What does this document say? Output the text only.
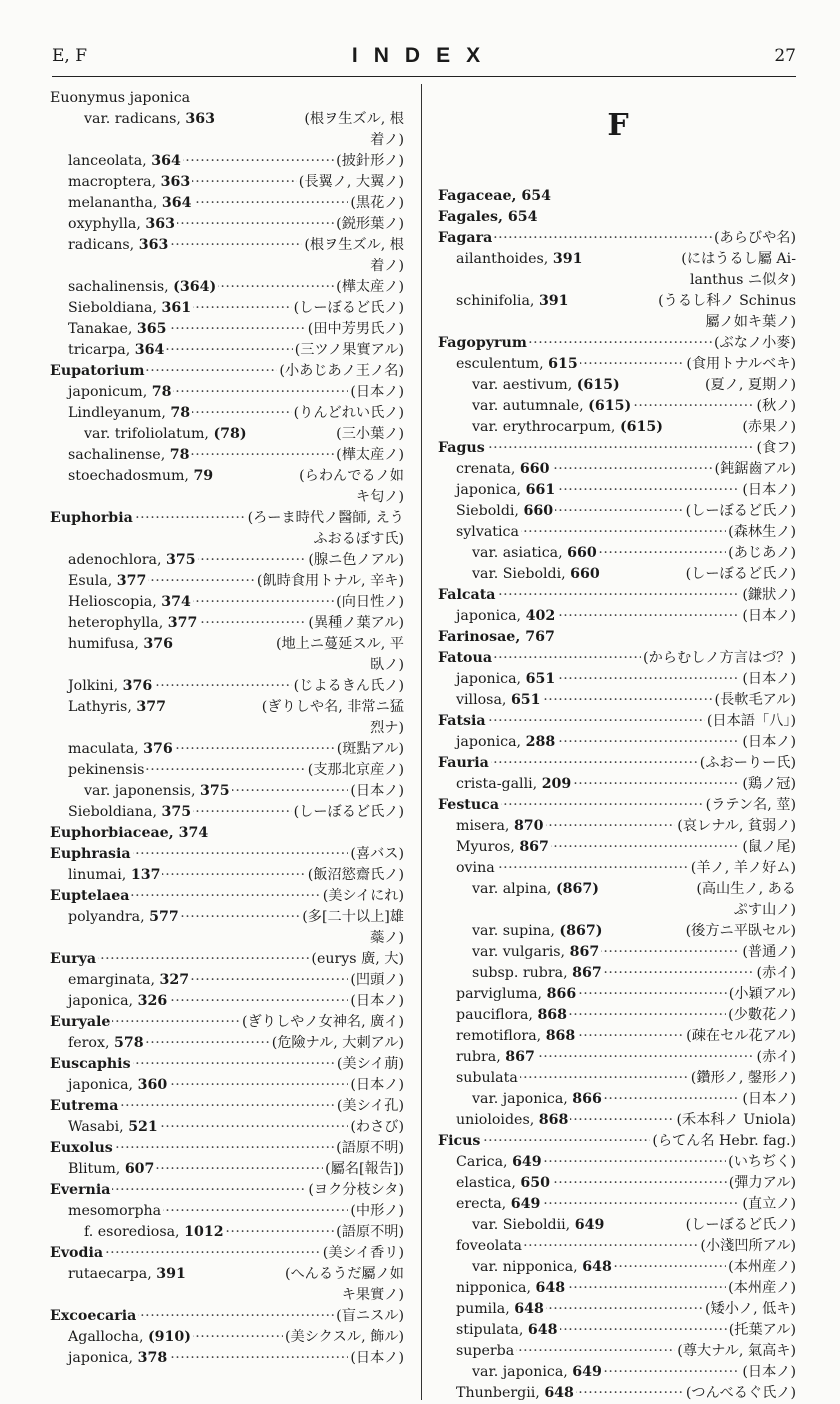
E, F	INDEX	27
F
Euonymus japonica
var. radicans, 363	(根ヲ生ズル, 根
着ノ)
lanceolata, 364 ·····	(披針形ノ)
macroptera, 363 ·····	(長翼ノ, 大翼ノ)
melanantha, 364 ·····	(黒花ノ)
oxyphylla, 363 ·····	(鋭形葉ノ)
radicans, 363 ·····	(根ヲ生ズル, 根
着ノ)
sachalinensis, (364) ·····	(樺太産ノ)
Sieboldiana, 361 ·····	(しーぼるど氏ノ)
Tanakae, 365 ·····	(田中芳男氏ノ)
tricarpa, 364 ·····	(三ツノ果實アル)
Eupatorium ·····	(小あじあノ王ノ名)
japonicum, 78 ·····	(日本ノ)
Lindleyanum, 78 ·····	(りんどれい氏ノ)
var. trifoliolatum, (78)	(三小葉ノ)
sachalinense, 78 ·····	(樺太産ノ)
stoechadosmum, 79	(らわんでるノ如
キ匂ノ)
Euphorbia ·····	(ろーま時代ノ醫師, えう
ふおるぼす氏)
adenochlora, 375 ·····	(腺ニ色ノアル)
Esula, 377 ·····	(飢時食用トナル, 辛キ)
Helioscopia, 374 ·····	(向日性ノ)
heterophylla, 377 ·····	(異種ノ葉アル)
humifusa, 376	(地上ニ蔓延スル, 平
臥ノ)
Jolkini, 376 ·····	(じよるきん氏ノ)
Lathyris, 377	(ぎりしや名, 非常ニ猛
烈ナ)
maculata, 376 ·····	(斑點アル)
pekinensis ·····	(支那北京産ノ)
var. japonensis, 375 ·····	(日本ノ)
Sieboldiana, 375 ·····	(しーぼるど氏ノ)
Euphorbiaceae, 374
Euphrasia ·····	(喜バス)
linumai, 137 ·····	(飯沼慾齋氏ノ)
Euptelaea ·····	(美シイにれ)
polyandra, 577 ·····	(多[二十以上]雄
蘂ノ)
Eurya ·····	(eurys 廣, 大)
emarginata, 327 ·····	(凹頭ノ)
japonica, 326 ·····	(日本ノ)
Euryale ·····	(ぎりしやノ女神名, 廣イ)
ferox, 578 ·····	(危險ナル, 大刺アル)
Euscaphis ·····	(美シイ萠)
japonica, 360 ·····	(日本ノ)
Eutrema ·····	(美シイ孔)
Wasabi, 521 ·····	(わさび)
Euxolus ·····	(語原不明)
Blitum, 607 ·····	(屬名[報告])
Evernia ·····	(ヨク分枝シタ)
mesomorpha ·····	(中形ノ)
f. esorediosa, 1012 ·····	(語原不明)
Evodia ·····	(美シイ香リ)
rutaecarpa, 391	(へんるうだ屬ノ如
キ果實ノ)
Excoecaria ·····	(盲ニスル)
Agallocha, (910) ·····	(美シクスル, 飾ル)
japonica, 378 ·····	(日本ノ)
Fagaceae, 654
Fagales, 654
Fagara ·····	(あらびや名)
ailanthoides, 391	(にはうるし屬 Ai-
lanthus ニ似タ)
schinifolia, 391	(うるし科ノ Schinus
屬ノ如キ葉ノ)
Fagopyrum ·····	(ぶなノ小麥)
esculentum, 615 ·····	(食用トナルベキ)
var. aestivum, (615)	(夏ノ, 夏期ノ)
var. autumnale, (615) ·····	(秋ノ)
var. erythrocarpum, (615)	(赤果ノ)
Fagus ·····	(食フ)
crenata, 660 ·····	(鈍鋸齒アル)
japonica, 661 ·····	(日本ノ)
Sieboldi, 660 ·····	(しーぼるど氏ノ)
sylvatica ·····	(森林生ノ)
var. asiatica, 660 ·····	(あじあノ)
var. Sieboldi, 660	(しーぼるど氏ノ)
Falcata ·····	(鎌狀ノ)
japonica, 402 ·····	(日本ノ)
Farinosae, 767
Fatoua ·····	(からむしノ方言はづ？)
japonica, 651 ·····	(日本ノ)
villosa, 651 ·····	(長軟毛アル)
Fatsia ·····	(日本語「八」)
japonica, 288 ·····	(日本ノ)
Fauria ·····	(ふおーりー氏)
crista-galli, 209 ·····	(鶏ノ冠)
Festuca ·····	(ラテン名, 莖)
misera, 870 ·····	(哀レナル, 貧弱ノ)
Myuros, 867 ·····	(鼠ノ尾)
ovina ·····	(羊ノ, 羊ノ好ム)
var. alpina, (867)	(高山生ノ, ある
ぷす山ノ)
var. supina, (867)	(後方ニ平臥セル)
var. vulgaris, 867 ·····	(普通ノ)
subsp. rubra, 867 ·····	(赤イ)
parvigluma, 866 ·····	(小穎アル)
pauciflora, 868 ·····	(少數花ノ)
remotiflora, 868 ·····	(疎在セル花アル)
rubra, 867 ·····	(赤イ)
subulata ·····	(鑽形ノ, 鏧形ノ)
var. japonica, 866 ·····	(日本ノ)
unioloides, 868 ·····	(禾本科ノ Uniola)
Ficus ·····	(らてん名 Hebr. fag.)
Carica, 649 ·····	(いちぢく)
elastica, 650 ·····	(彈力アル)
erecta, 649 ·····	(直立ノ)
var. Sieboldii, 649	(しーぼるど氏ノ)
foveolata ·····	(小淺凹所アル)
var. nipponica, 648 ·····	(本州産ノ)
nipponica, 648 ·····	(本州産ノ)
pumila, 648 ·····	(矮小ノ, 低キ)
stipulata, 648 ·····	(托葉アル)
superba ·····	(尊大ナル, 氣高キ)
var. japonica, 649 ·····	(日本ノ)
Thunbergii, 648 ·····	(つんべるぐ氏ノ)
